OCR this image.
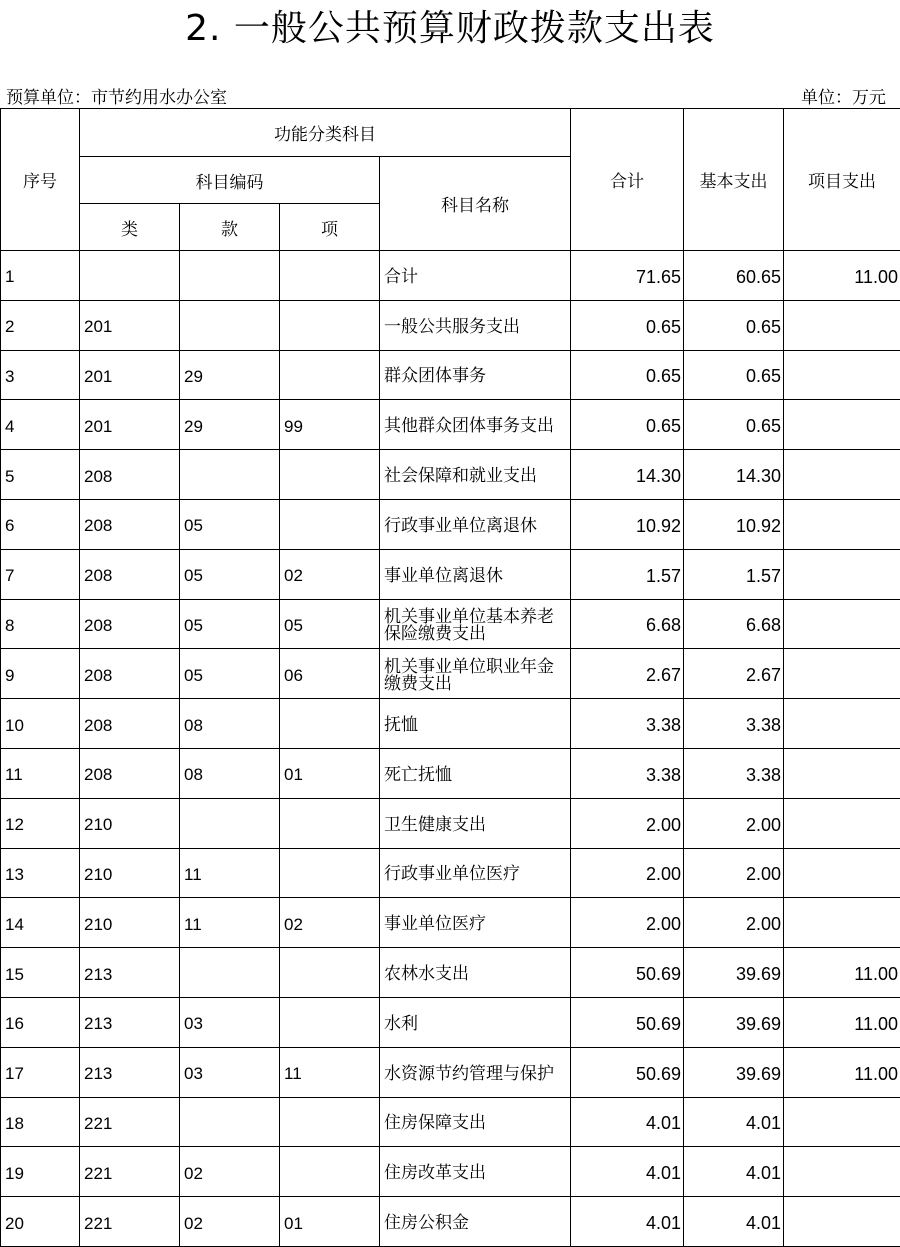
2. 一般公共预算财政拨款支出表
预算单位：市节约用水办公室	单位：万元
序号	功能分类科目				合计	基本支出	项目支出
	科目编码			科目名称			
	类	款	项				
1				合计	71.65	60.65	11.00
2	201			一般公共服务支出	0.65	0.65	
3	201	29		群众团体事务	0.65	0.65	
4	201	29	99	其他群众团体事务支出	0.65	0.65	
5	208			社会保障和就业支出	14.30	14.30	
6	208	05		行政事业单位离退休	10.92	10.92	
7	208	05	02	事业单位离退休	1.57	1.57	
8	208	05	05	机关事业单位基本养老保险缴费支出	6.68	6.68	
9	208	05	06	机关事业单位职业年金缴费支出	2.67	2.67	
10	208	08		抚恤	3.38	3.38	
11	208	08	01	死亡抚恤	3.38	3.38	
12	210			卫生健康支出	2.00	2.00	
13	210	11		行政事业单位医疗	2.00	2.00	
14	210	11	02	事业单位医疗	2.00	2.00	
15	213			农林水支出	50.69	39.69	11.00
16	213	03		水利	50.69	39.69	11.00
17	213	03	11	水资源节约管理与保护	50.69	39.69	11.00
18	221			住房保障支出	4.01	4.01	
19	221	02		住房改革支出	4.01	4.01	
20	221	02	01	住房公积金	4.01	4.01	
